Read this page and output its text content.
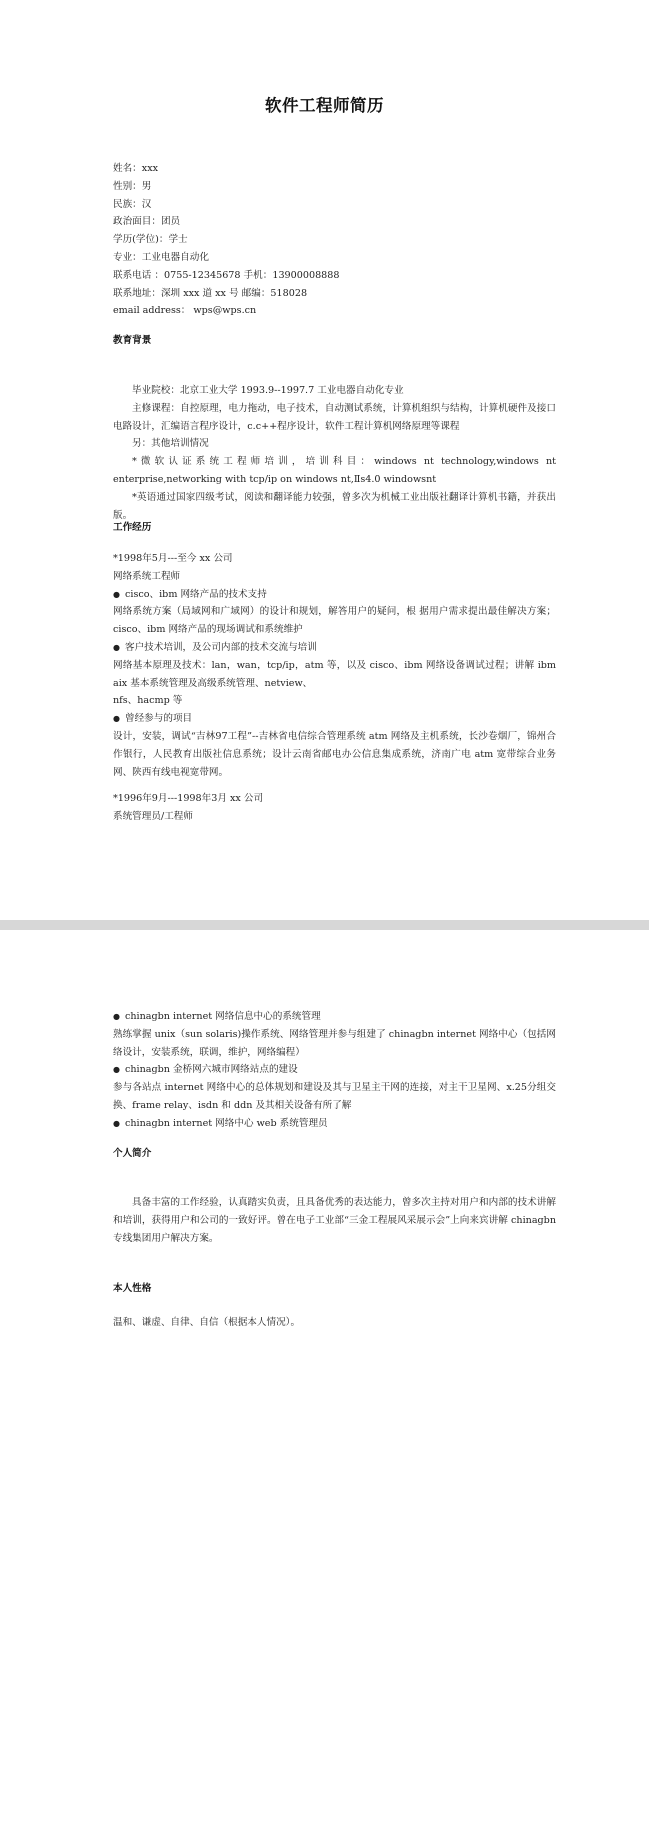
软件工程师简历
姓名：xxx
性别：男
民族：汉
政治面目：团员
学历(学位)：学士
专业：工业电器自动化
联系电话 ：0755-12345678 手机：13900008888
联系地址：深圳 xxx 道 xx 号 邮编：518028
email address： wps@wps.cn
教育背景
毕业院校：北京工业大学 1993.9--1997.7 工业电器自动化专业
主修课程：自控原理，电力拖动，电子技术，自动测试系统，计算机组织与结构，计算机硬件及接口电路设计，汇编语言程序设计，c.c++程序设计，软件工程计算机网络原理等课程
另：其他培训情况
*微软认证系统工程师培训，培训科目：windows nt technology,windows nt enterprise,networking with tcp/ip on windows nt,Ⅱs4.0 windowsnt
*英语通过国家四级考试，阅读和翻译能力较强，曾多次为机械工业出版社翻译计算机书籍，并获出版。
工作经历
*1998年5月---至今 xx 公司
网络系统工程师
● cisco、ibm 网络产品的技术支持
网络系统方案（局域网和广域网）的设计和规划，解答用户的疑问，根 据用户需求提出最佳解决方案；cisco、ibm 网络产品的现场调试和系统维护
● 客户技术培训，及公司内部的技术交流与培训
网络基本原理及技术：lan，wan，tcp/ip，atm 等，以及 cisco、ibm 网络设备调试过程；讲解 ibm aix 基本系统管理及高级系统管理、netview、
nfs、hacmp 等
● 曾经参与的项目
设计，安装，调试“吉林97工程”--吉林省电信综合管理系统 atm 网络及主机系统，长沙卷烟厂，锦州合作银行，人民教育出版社信息系统；设计云南省邮电办公信息集成系统，济南广电 atm 宽带综合业务网、陕西有线电视宽带网。
*1996年9月---1998年3月 xx 公司
系统管理员/工程师
● chinagbn internet 网络信息中心的系统管理
熟练掌握 unix（sun solaris)操作系统、网络管理并参与组建了 chinagbn internet 网络中心（包括网络设计，安装系统，联调，维护，网络编程）
● chinagbn 金桥网六城市网络站点的建设
参与各站点 internet 网络中心的总体规划和建设及其与卫星主干网的连接，对主干卫星网、x.25分组交换、frame relay、isdn 和 ddn 及其相关设备有所了解
● chinagbn internet 网络中心 web 系统管理员
个人简介
具备丰富的工作经验，认真踏实负责，且具备优秀的表达能力，曾多次主持对用户和内部的技术讲解和培训，获得用户和公司的一致好评。曾在电子工业部“三金工程展风采展示会”上向来宾讲解 chinagbn 专线集团用户解决方案。
本人性格
温和、谦虚、自律、自信（根据本人情况）。
